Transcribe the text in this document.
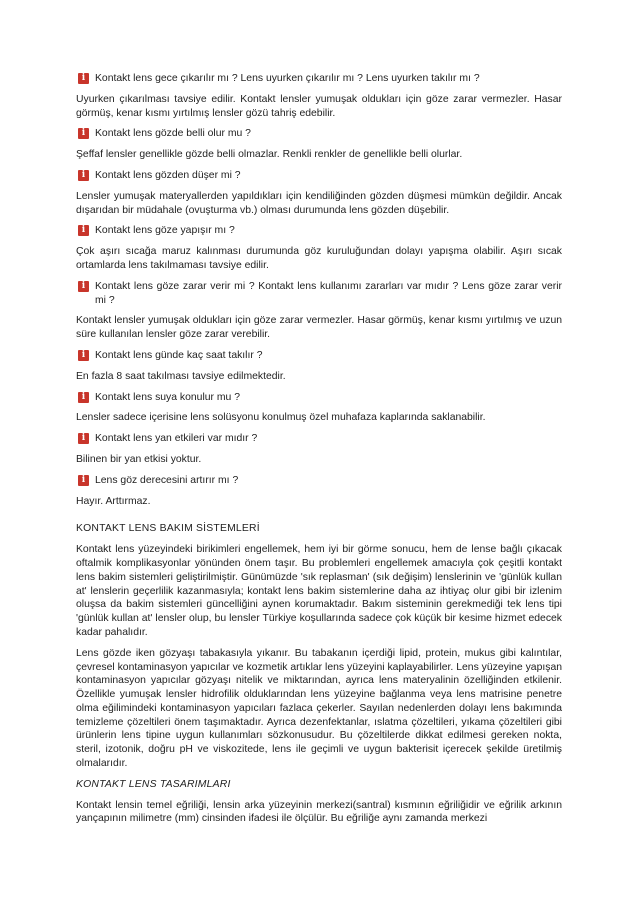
i Kontakt lens gece çıkarılır mı ? Lens uyurken çıkarılır mı ? Lens uyurken takılır mı ?
Uyurken çıkarılması tavsiye edilir. Kontakt lensler yumuşak oldukları için göze zarar vermezler. Hasar görmüş, kenar kısmı yırtılmış lensler gözü tahriş edebilir.
i Kontakt lens gözde belli olur mu ?
Şeffaf lensler genellikle gözde belli olmazlar. Renkli renkler de genellikle belli olurlar.
i Kontakt lens gözden düşer mi ?
Lensler yumuşak materyallerden yapıldıkları için kendiliğinden gözden düşmesi mümkün değildir. Ancak dışarıdan bir müdahale (ovuşturma vb.) olması durumunda lens gözden düşebilir.
i Kontakt lens göze yapışır mı ?
Çok aşırı sıcağa maruz kalınması durumunda göz kuruluğundan dolayı yapışma olabilir. Aşırı sıcak ortamlarda lens takılmaması tavsiye edilir.
i Kontakt lens göze zarar verir mi ? Kontakt lens kullanımı zararları var mıdır ? Lens göze zarar verir mi ?
Kontakt lensler yumuşak oldukları için göze zarar vermezler. Hasar görmüş, kenar kısmı yırtılmış ve uzun süre kullanılan lensler göze zarar verebilir.
i Kontakt lens günde kaç saat takılır ?
En fazla 8 saat takılması tavsiye edilmektedir.
i Kontakt lens suya konulur mu ?
Lensler sadece içerisine lens solüsyonu konulmuş özel muhafaza kaplarında saklanabilir.
i Kontakt lens yan etkileri var mıdır ?
Bilinen bir yan etkisi yoktur.
i Lens göz derecesini artırır mı ?
Hayır. Arttırmaz.
KONTAKT LENS BAKIM SİSTEMLERİ
Kontakt lens yüzeyindeki birikimleri engellemek, hem iyi bir görme sonucu, hem de lense bağlı çıkacak oftalmik komplikasyonlar yönünden önem taşır. Bu problemleri engellemek amacıyla çok çeşitli kontakt lens bakim sistemleri geliştirilmiştir. Günümüzde 'sık replasman' (sık değişim) lenslerinin ve 'günlük kullan at' lenslerin geçerlilik kazanmasıyla; kontakt lens bakim sistemlerine daha az ihtiyaç olur gibi bir izlenim oluşsa da bakim sistemleri güncelliğini aynen korumaktadır. Bakım sisteminin gerekmediği tek lens tipi 'günlük kullan at' lensler olup, bu lensler Türkiye koşullarında sadece çok küçük bir kesime hizmet edecek kadar pahalıdır.
Lens gözde iken gözyaşı tabakasıyla yıkanır. Bu tabakanın içerdiği lipid, protein, mukus gibi kalıntılar, çevresel kontaminasyon yapıcılar ve kozmetik artıklar lens yüzeyini kaplayabilirler. Lens yüzeyine yapışan kontaminasyon yapıcılar gözyaşı nitelik ve miktarından, ayrıca lens materyalinin özelliğinden etkilenir. Özellikle yumuşak lensler hidrofilik olduklarından lens yüzeyine bağlanma veya lens matrisine penetre olma eğilimindeki kontaminasyon yapıcıları fazlaca çekerler. Sayılan nedenlerden dolayı lens bakımında temizleme çözeltileri önem taşımaktadır. Ayrıca dezenfektanlar, ıslatma çözeltileri, yıkama çözeltileri gibi ürünlerin lens tipine uygun kullanımları sözkonusudur. Bu çözeltilerde dikkat edilmesi gereken nokta, steril, izotonik, doğru pH ve viskozitede, lens ile geçimli ve uygun bakterisit içerecek şekilde üretilmiş olmalarıdır.
KONTAKT LENS TASARIMLARI
Kontakt lensin temel eğriliği, lensin arka yüzeyinin merkezi(santral) kısmının eğriliğidir ve eğrilik arkının yançapının milimetre (mm) cinsinden ifadesi ile ölçülür. Bu eğriliğe aynı zamanda merkezi
